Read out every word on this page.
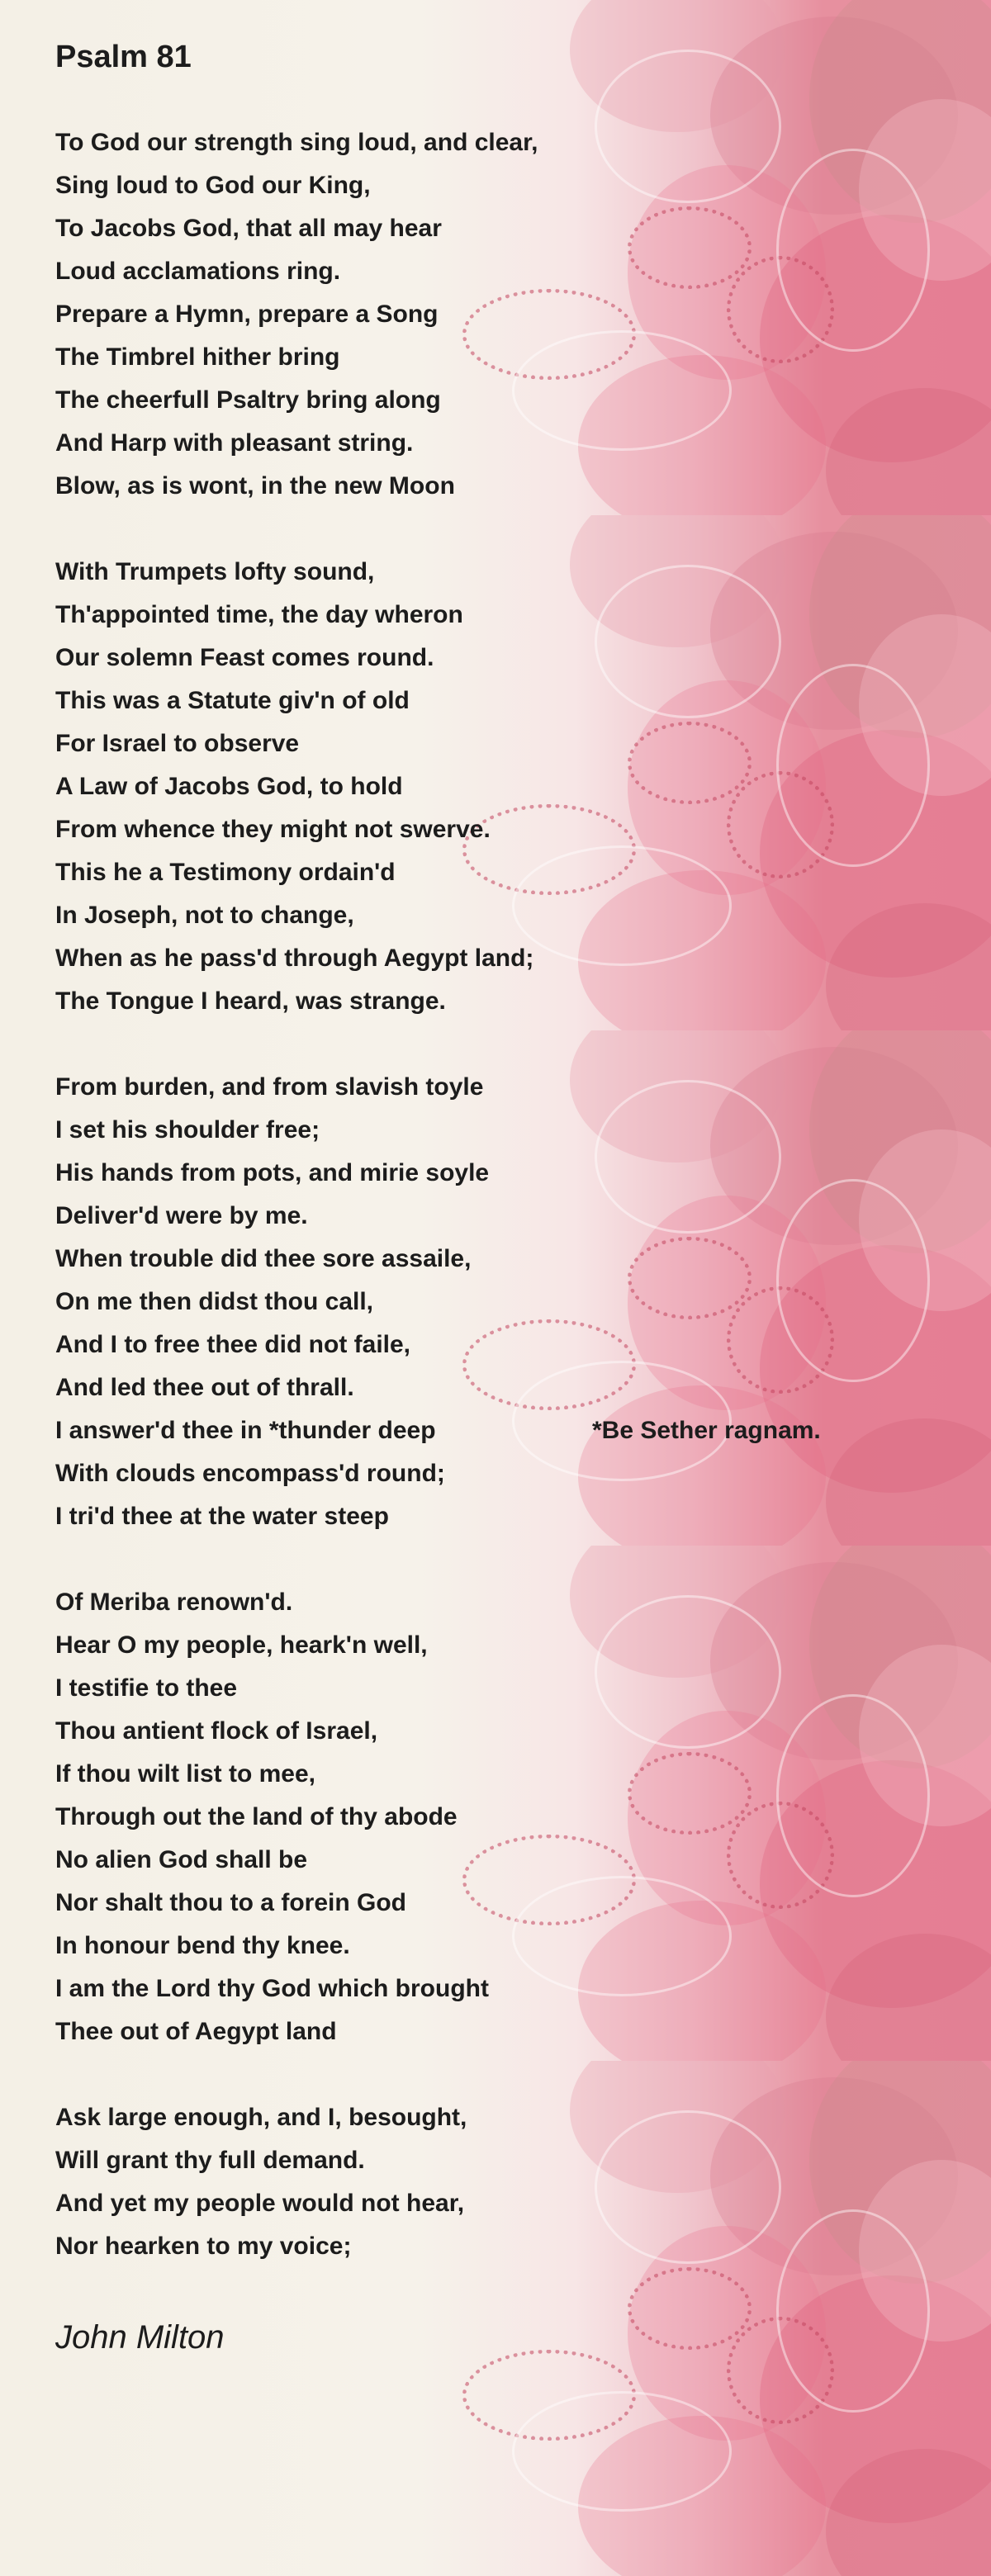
Psalm 81
To God our strength sing loud, and clear,
Sing loud to God our King,
To Jacobs God, that all may hear
Loud acclamations ring.
Prepare a Hymn, prepare a Song
The Timbrel hither bring
The cheerfull Psaltry bring along
And Harp with pleasant string.
Blow, as is wont, in the new Moon
With Trumpets lofty sound,
Th'appointed time, the day wheron
Our solemn Feast comes round.
This was a Statute giv'n of old
For Israel to observe
A Law of Jacobs God, to hold
From whence they might not swerve.
This he a Testimony ordain'd
In Joseph, not to change,
When as he pass'd through Aegypt land;
The Tongue I heard, was strange.
From burden, and from slavish toyle
I set his shoulder free;
His hands from pots, and mirie soyle
Deliver'd were by me.
When trouble did thee sore assaile,
On me then didst thou call,
And I to free thee did not faile,
And led thee out of thrall.
I answer'd thee in *thunder deep
With clouds encompass'd round;
I tri'd thee at the water steep
*Be Sether ragnam.
Of Meriba renown'd.
Hear O my people, heark'n well,
I testifie to thee
Thou antient flock of Israel,
If thou wilt list to mee,
Through out the land of thy abode
No alien God shall be
Nor shalt thou to a forein God
In honour bend thy knee.
I am the Lord thy God which brought
Thee out of Aegypt land
Ask large enough, and I, besought,
Will grant thy full demand.
And yet my people would not hear,
Nor hearken to my voice;
John Milton
